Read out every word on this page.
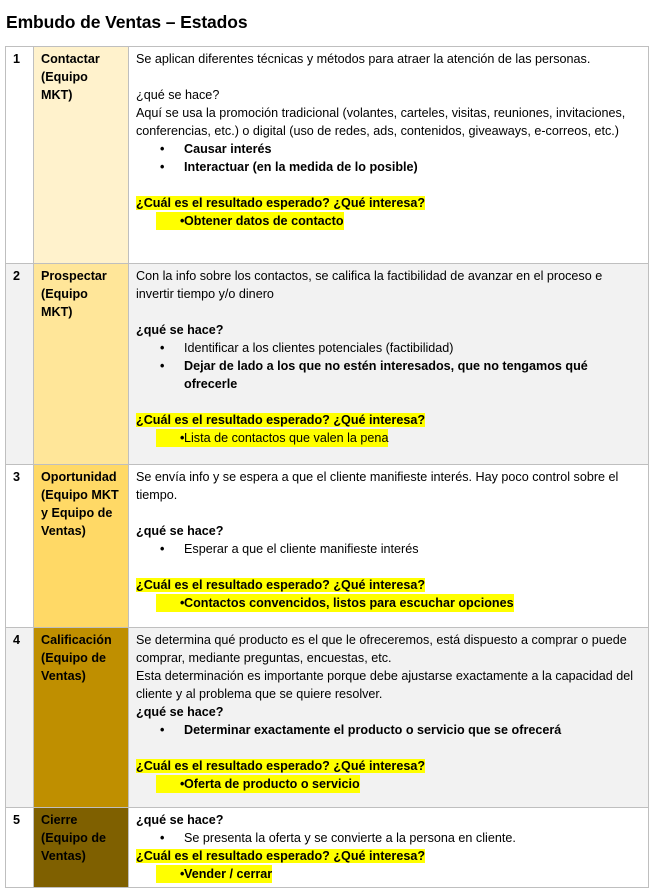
Embudo de Ventas – Estados
1	Contactar (Equipo MKT)	
Se aplican diferentes técnicas y métodos para atraer la atención de las personas.
¿qué se hace?
Aquí se usa la promoción tradicional (volantes, carteles, visitas, reuniones, invitaciones, conferencias, etc.) o digital (uso de redes, ads, contenidos, giveaways, e-correos, etc.)
• Causar interés
• Interactuar (en la medida de lo posible)
¿Cuál es el resultado esperado? ¿Qué interesa?
• Obtener datos de contacto

2	Prospectar (Equipo MKT)	
Con la info sobre los contactos, se califica la factibilidad de avanzar en el proceso e invertir tiempo y/o dinero
¿qué se hace?
• Identificar a los clientes potenciales (factibilidad)
• Dejar de lado a los que no estén interesados, que no tengamos qué ofrecerle
¿Cuál es el resultado esperado? ¿Qué interesa?
• Lista de contactos que valen la pena

3	Oportunidad (Equipo MKT y Equipo de Ventas)	
Se envía info y se espera a que el cliente manifieste interés. Hay poco control sobre el tiempo.
¿qué se hace?
• Esperar a que el cliente manifieste interés
¿Cuál es el resultado esperado? ¿Qué interesa?
• Contactos convencidos, listos para escuchar opciones

4	Calificación (Equipo de Ventas)	
Se determina qué producto es el que le ofreceremos, está dispuesto a comprar o puede comprar, mediante preguntas, encuestas, etc.
Esta determinación es importante porque debe ajustarse exactamente a la capacidad del cliente y al problema que se quiere resolver.
¿qué se hace?
• Determinar exactamente el producto o servicio que se ofrecerá
¿Cuál es el resultado esperado? ¿Qué interesa?
• Oferta de producto o servicio

5	Cierre (Equipo de Ventas)	
¿qué se hace?
• Se presenta la oferta y se convierte a la persona en cliente.
¿Cuál es el resultado esperado? ¿Qué interesa?
• Vender / cerrar
